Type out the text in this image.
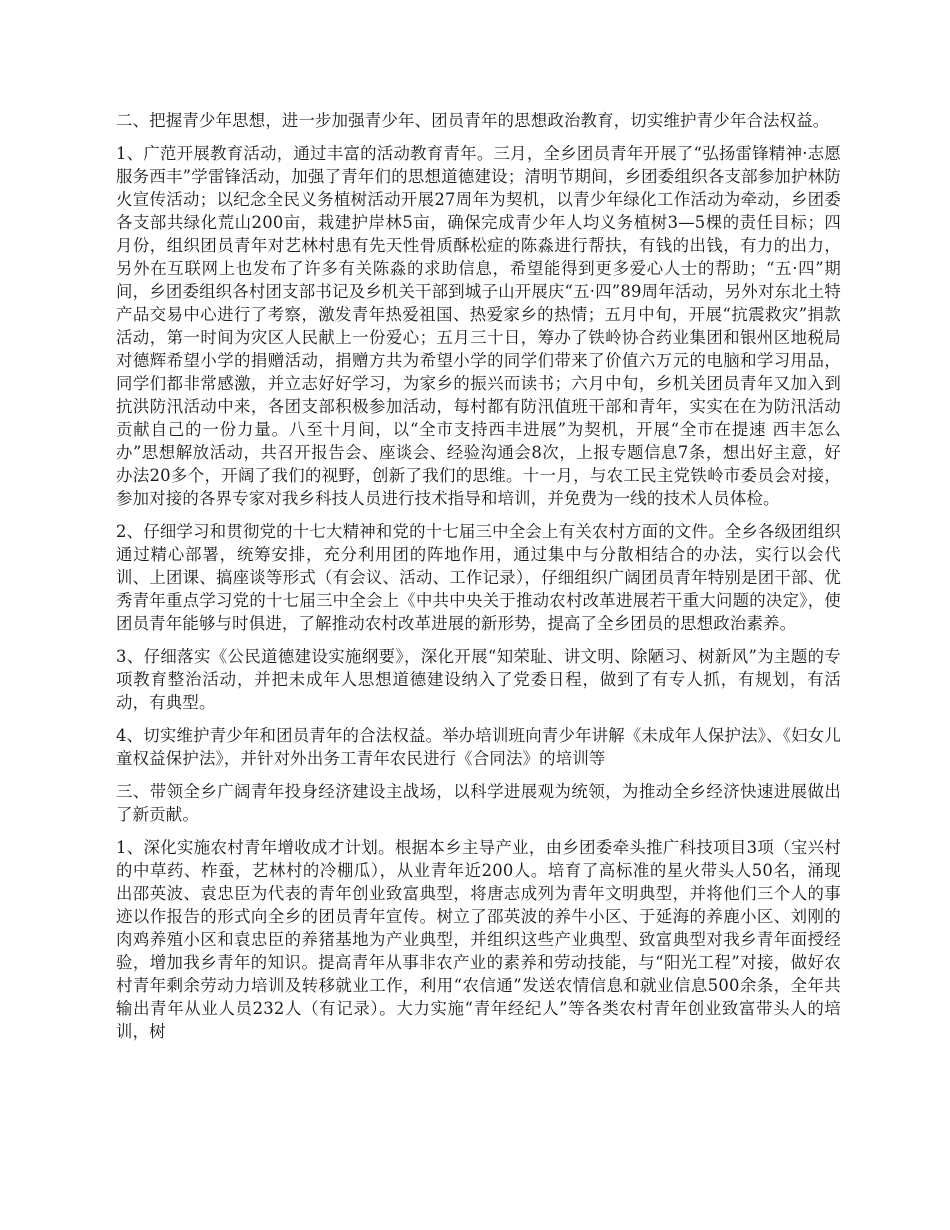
二、把握青少年思想，进一步加强青少年、团员青年的思想政治教育，切实维护青少年合法权益。

1、广范开展教育活动，通过丰富的活动教育青年。三月，全乡团员青年开展了“弘扬雷锋精神·志愿服务西丰”学雷锋活动，加强了青年们的思想道德建设；清明节期间，乡团委组织各支部参加护林防火宣传活动；以纪念全民义务植树活动开展27周年为契机，以青少年绿化工作活动为牵动，乡团委各支部共绿化荒山200亩，栽建护岸林5亩，确保完成青少年人均义务植树3—5棵的责任目标；四月份，组织团员青年对艺林村患有先天性骨质酥松症的陈淼进行帮扶，有钱的出钱，有力的出力，另外在互联网上也发布了许多有关陈淼的求助信息，希望能得到更多爱心人士的帮助；“五·四”期间，乡团委组织各村团支部书记及乡机关干部到城子山开展庆“五·四”89周年活动，另外对东北土特产品交易中心进行了考察，激发青年热爱祖国、热爱家乡的热情；五月中旬，开展“抗震救灾”捐款活动，第一时间为灾区人民献上一份爱心；五月三十日，筹办了铁岭协合药业集团和银州区地税局对德辉希望小学的捐赠活动，捐赠方共为希望小学的同学们带来了价值六万元的电脑和学习用品，同学们都非常感激，并立志好好学习，为家乡的振兴而读书；六月中旬，乡机关团员青年又加入到抗洪防汛活动中来，各团支部积极参加活动，每村都有防汛值班干部和青年，实实在在为防汛活动贡献自己的一份力量。八至十月间，以“全市支持西丰进展”为契机，开展“全市在提速 西丰怎么办”思想解放活动，共召开报告会、座谈会、经验沟通会8次，上报专题信息7条，想出好主意，好办法20多个，开阔了我们的视野，创新了我们的思维。十一月，与农工民主党铁岭市委员会对接，参加对接的各界专家对我乡科技人员进行技术指导和培训，并免费为一线的技术人员体检。

2、仔细学习和贯彻党的十七大精神和党的十七届三中全会上有关农村方面的文件。全乡各级团组织通过精心部署，统筹安排，充分利用团的阵地作用，通过集中与分散相结合的办法，实行以会代训、上团课、搞座谈等形式（有会议、活动、工作记录），仔细组织广阔团员青年特别是团干部、优秀青年重点学习党的十七届三中全会上《中共中央关于推动农村改革进展若干重大问题的决定》，使团员青年能够与时俱进，了解推动农村改革进展的新形势，提高了全乡团员的思想政治素养。

3、仔细落实《公民道德建设实施纲要》，深化开展“知荣耻、讲文明、除陋习、树新风”为主题的专项教育整治活动，并把未成年人思想道德建设纳入了党委日程，做到了有专人抓，有规划，有活动，有典型。

4、切实维护青少年和团员青年的合法权益。举办培训班向青少年讲解《未成年人保护法》、《妇女儿童权益保护法》，并针对外出务工青年农民进行《合同法》的培训等

三、带领全乡广阔青年投身经济建设主战场，以科学进展观为统领，为推动全乡经济快速进展做出了新贡献。

1、深化实施农村青年增收成才计划。根据本乡主导产业，由乡团委牵头推广科技项目3项（宝兴村的中草药、柞蚕，艺林村的冷棚瓜），从业青年近200人。培育了高标准的星火带头人50名，涌现出邵英波、袁忠臣为代表的青年创业致富典型，将唐志成列为青年文明典型，并将他们三个人的事迹以作报告的形式向全乡的团员青年宣传。树立了邵英波的养牛小区、于延海的养鹿小区、刘刚的肉鸡养殖小区和袁忠臣的养猪基地为产业典型，并组织这些产业典型、致富典型对我乡青年面授经验，增加我乡青年的知识。提高青年从事非农产业的素养和劳动技能，与“阳光工程”对接，做好农村青年剩余劳动力培训及转移就业工作，利用“农信通”发送农情信息和就业信息500余条，全年共输出青年从业人员232人（有记录）。大力实施“青年经纪人”等各类农村青年创业致富带头人的培训，树
